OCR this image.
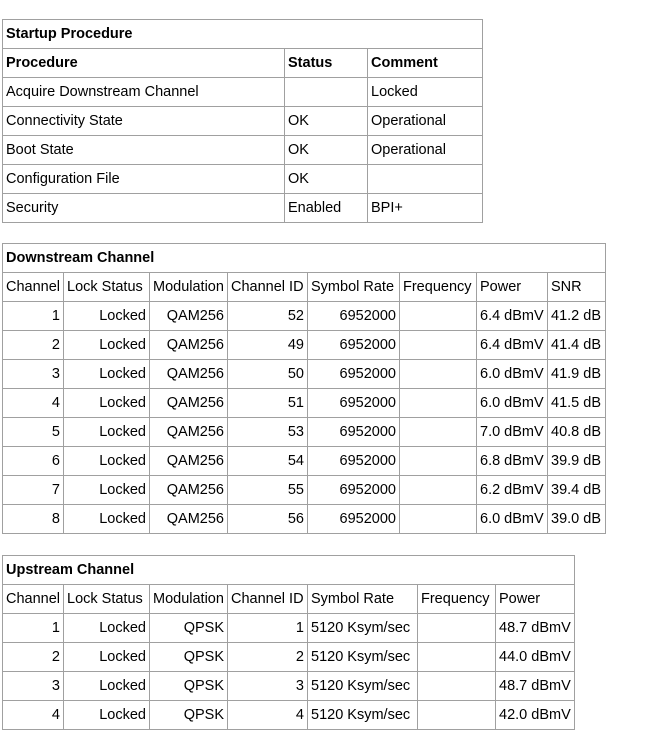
Startup Procedure		
Procedure	Status	Comment
Acquire Downstream Channel		Locked
Connectivity State	OK	Operational
Boot State	OK	Operational
Configuration File	OK	
Security	Enabled	BPI+
Downstream Channel							
Channel	Lock Status	Modulation	Channel ID	Symbol Rate	Frequency	Power	SNR
1	Locked	QAM256	52	6952000		6.4 dBmV	41.2 dB
2	Locked	QAM256	49	6952000		6.4 dBmV	41.4 dB
3	Locked	QAM256	50	6952000		6.0 dBmV	41.9 dB
4	Locked	QAM256	51	6952000		6.0 dBmV	41.5 dB
5	Locked	QAM256	53	6952000		7.0 dBmV	40.8 dB
6	Locked	QAM256	54	6952000		6.8 dBmV	39.9 dB
7	Locked	QAM256	55	6952000		6.2 dBmV	39.4 dB
8	Locked	QAM256	56	6952000		6.0 dBmV	39.0 dB
Upstream Channel						
Channel	Lock Status	Modulation	Channel ID	Symbol Rate	Frequency	Power
1	Locked	QPSK	1	5120 Ksym/sec		48.7 dBmV
2	Locked	QPSK	2	5120 Ksym/sec		44.0 dBmV
3	Locked	QPSK	3	5120 Ksym/sec		48.7 dBmV
4	Locked	QPSK	4	5120 Ksym/sec		42.0 dBmV
